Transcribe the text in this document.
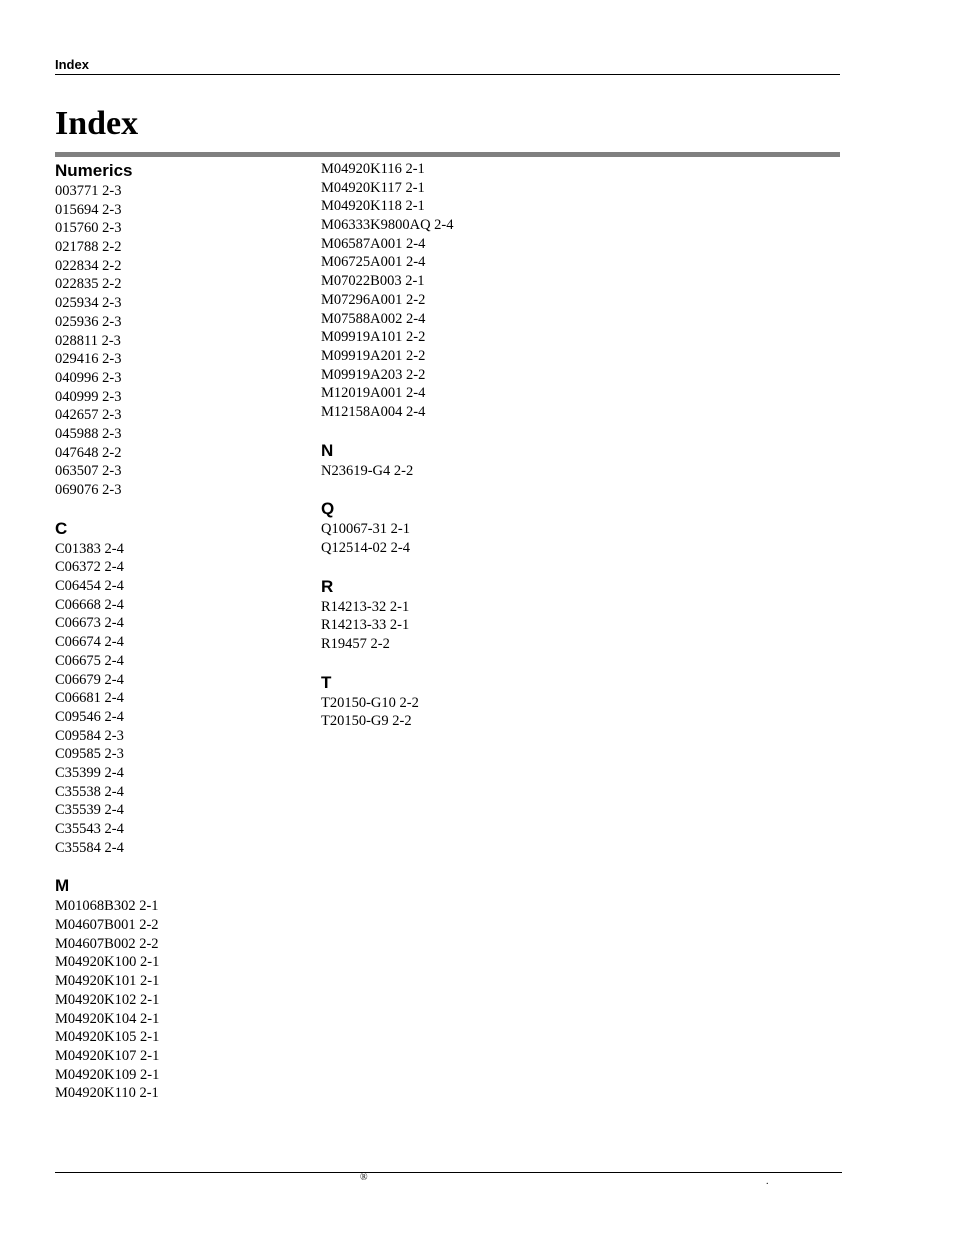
Index
Index
Numerics
003771 2-3
015694 2-3
015760 2-3
021788 2-2
022834 2-2
022835 2-2
025934 2-3
025936 2-3
028811 2-3
029416 2-3
040996 2-3
040999 2-3
042657 2-3
045988 2-3
047648 2-2
063507 2-3
069076 2-3
C
C01383 2-4
C06372 2-4
C06454 2-4
C06668 2-4
C06673 2-4
C06674 2-4
C06675 2-4
C06679 2-4
C06681 2-4
C09546 2-4
C09584 2-3
C09585 2-3
C35399 2-4
C35538 2-4
C35539 2-4
C35543 2-4
C35584 2-4
M
M01068B302 2-1
M04607B001 2-2
M04607B002 2-2
M04920K100 2-1
M04920K101 2-1
M04920K102 2-1
M04920K104 2-1
M04920K105 2-1
M04920K107 2-1
M04920K109 2-1
M04920K110 2-1
M04920K116 2-1
M04920K117 2-1
M04920K118 2-1
M06333K9800AQ 2-4
M06587A001 2-4
M06725A001 2-4
M07022B003 2-1
M07296A001 2-2
M07588A002 2-4
M09919A101 2-2
M09919A201 2-2
M09919A203 2-2
M12019A001 2-4
M12158A004 2-4
N
N23619-G4 2-2
Q
Q10067-31 2-1
Q12514-02 2-4
R
R14213-32 2-1
R14213-33 2-1
R19457 2-2
T
T20150-G10 2-2
T20150-G9 2-2
®	.
